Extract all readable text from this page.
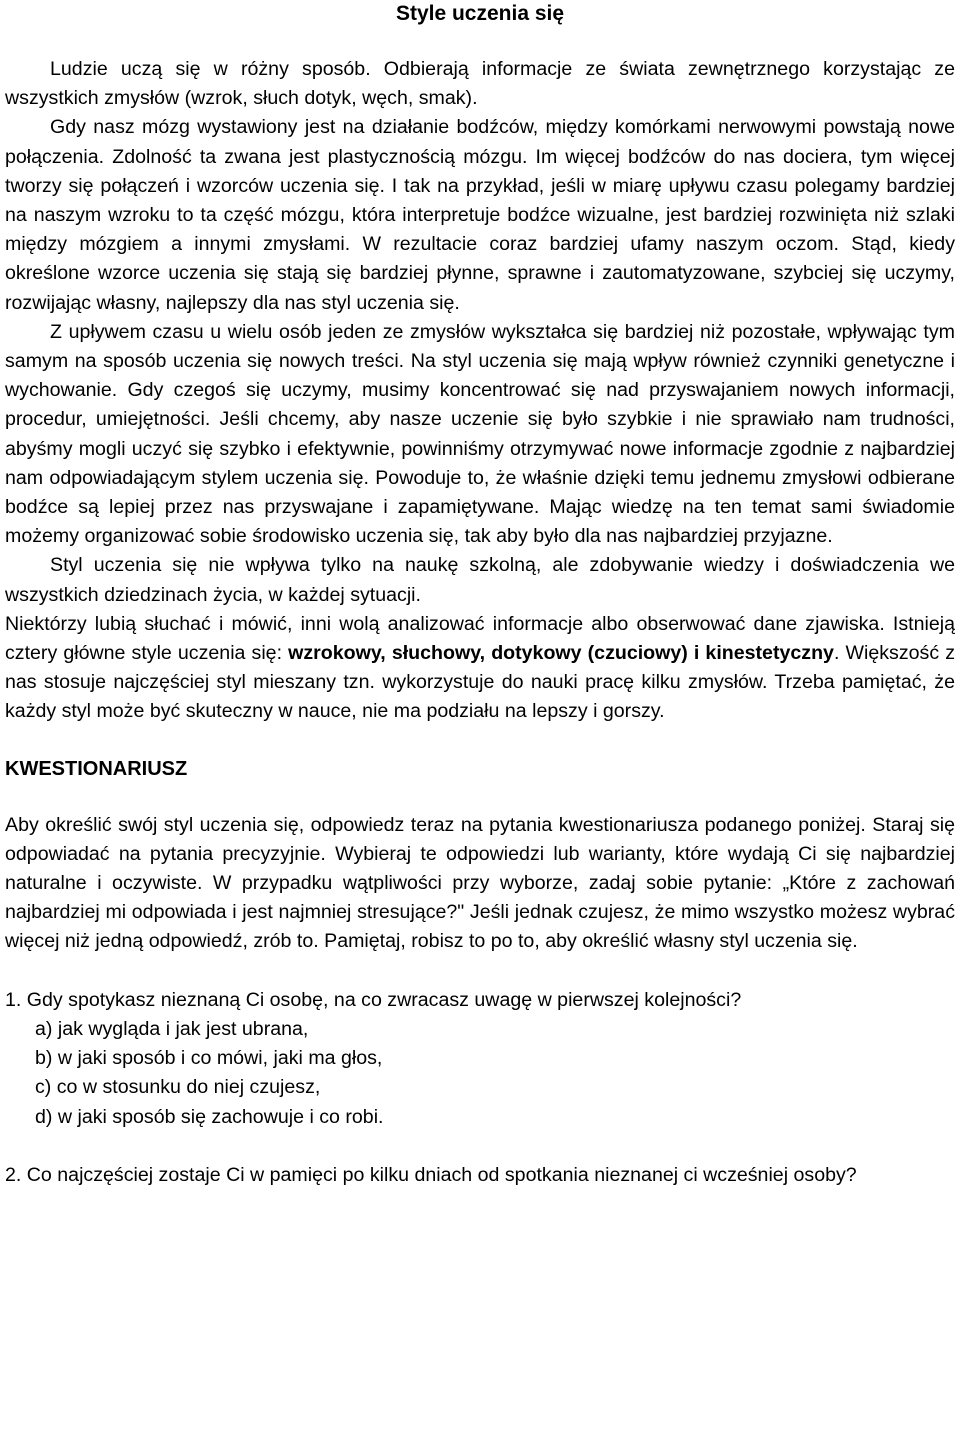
Style uczenia się

Ludzie uczą się w różny sposób. Odbierają informacje ze świata zewnętrznego korzystając ze wszystkich zmysłów (wzrok, słuch dotyk, węch, smak).

Gdy nasz mózg wystawiony jest na działanie bodźców, między komórkami nerwowymi powstają nowe połączenia. Zdolność ta zwana jest plastycznością mózgu. Im więcej bodźców do nas dociera, tym więcej tworzy się połączeń i wzorców uczenia się. I tak na przykład, jeśli w miarę upływu czasu polegamy bardziej na naszym wzroku to ta część mózgu, która interpretuje bodźce wizualne, jest bardziej rozwinięta niż szlaki między mózgiem a innymi zmysłami. W rezultacie coraz bardziej ufamy naszym oczom. Stąd, kiedy określone wzorce uczenia się stają się bardziej płynne, sprawne i zautomatyzowane, szybciej się uczymy, rozwijając własny, najlepszy dla nas styl uczenia się.

Z upływem czasu u wielu osób jeden ze zmysłów wykształca się bardziej niż pozostałe, wpływając tym samym na sposób uczenia się nowych treści. Na styl uczenia się mają wpływ również czynniki genetyczne i wychowanie. Gdy czegoś się uczymy, musimy koncentrować się nad przyswajaniem nowych informacji, procedur, umiejętności. Jeśli chcemy, aby nasze uczenie się było szybkie i nie sprawiało nam trudności, abyśmy mogli uczyć się szybko i efektywnie, powinniśmy otrzymywać nowe informacje zgodnie z najbardziej nam odpowiadającym stylem uczenia się. Powoduje to, że właśnie dzięki temu jednemu zmysłowi odbierane bodźce są lepiej przez nas przyswajane i zapamiętywane. Mając wiedzę na ten temat sami świadomie możemy organizować sobie środowisko uczenia się, tak aby było dla nas najbardziej przyjazne.

Styl uczenia się nie wpływa tylko na naukę szkolną, ale zdobywanie wiedzy i doświadczenia we wszystkich dziedzinach życia, w każdej sytuacji.

Niektórzy lubią słuchać i mówić, inni wolą analizować informacje albo obserwować dane zjawiska. Istnieją cztery główne style uczenia się: wzrokowy, słuchowy, dotykowy (czuciowy) i kinestetyczny. Większość z nas stosuje najczęściej styl mieszany tzn. wykorzystuje do nauki pracę kilku zmysłów. Trzeba pamiętać, że każdy styl może być skuteczny w nauce, nie ma podziału na lepszy i gorszy.

KWESTIONARIUSZ

Aby określić swój styl uczenia się, odpowiedz teraz na pytania kwestionariusza podanego poniżej. Staraj się odpowiadać na pytania precyzyjnie. Wybieraj te odpowiedzi lub warianty, które wydają Ci się najbardziej naturalne i oczywiste. W przypadku wątpliwości przy wyborze, zadaj sobie pytanie: „Które z zachowań najbardziej mi odpowiada i jest najmniej stresujące?" Jeśli jednak czujesz, że mimo wszystko możesz wybrać więcej niż jedną odpowiedź, zrób to. Pamiętaj, robisz to po to, aby określić własny styl uczenia się.

1. Gdy spotykasz nieznaną Ci osobę, na co zwracasz uwagę w pierwszej kolejności?

a) jak wygląda i jak jest ubrana,
b) w jaki sposób i co mówi, jaki ma głos,
c) co w stosunku do niej czujesz,
d) w jaki sposób się zachowuje i co robi.

2. Co najczęściej zostaje Ci w pamięci po kilku dniach od spotkania nieznanej ci wcześniej osoby?
